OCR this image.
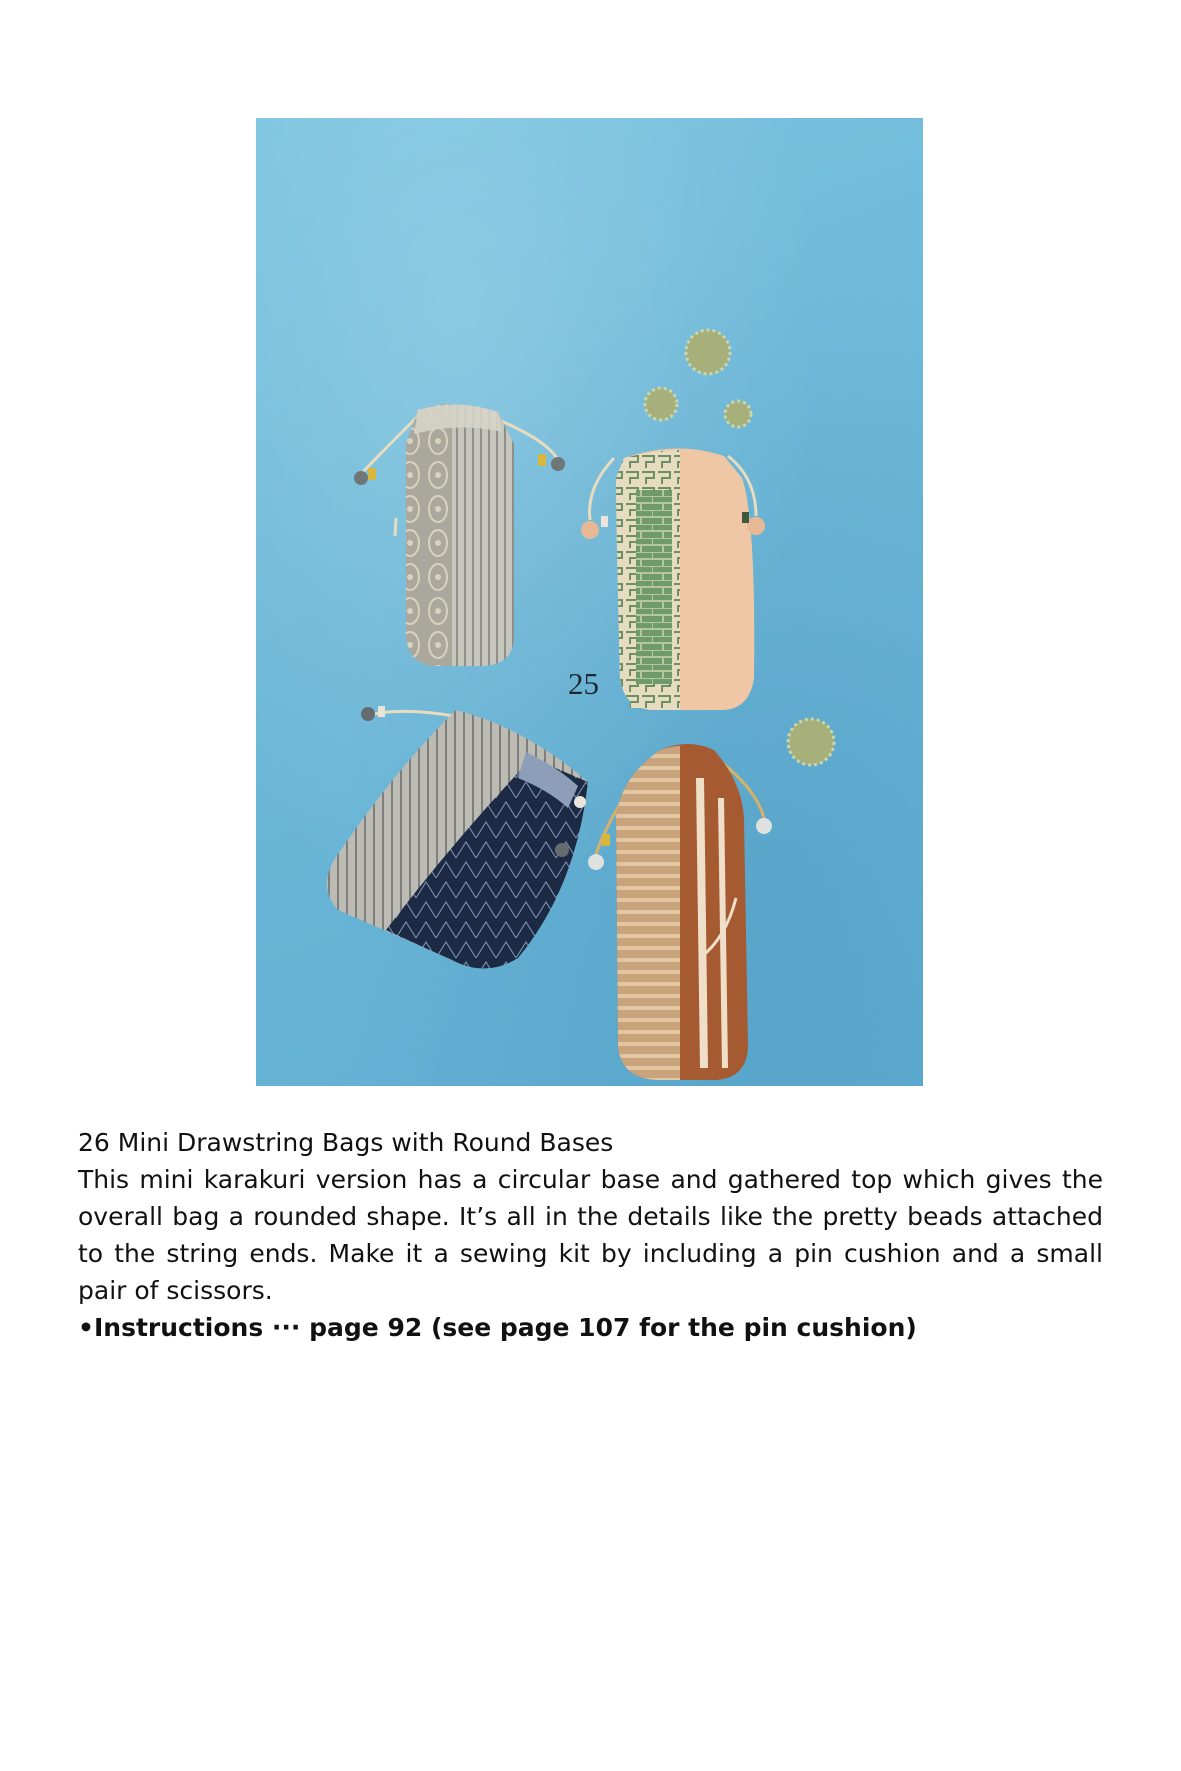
25

26 Mini Drawstring Bags with Round Bases

This mini karakuri version has a circular base and gathered top which gives the overall bag a rounded shape. It’s all in the details like the pretty beads attached to the string ends. Make it a sewing kit by including a pin cushion and a small pair of scissors.

•Instructions ··· page 92 (see page 107 for the pin cushion)
